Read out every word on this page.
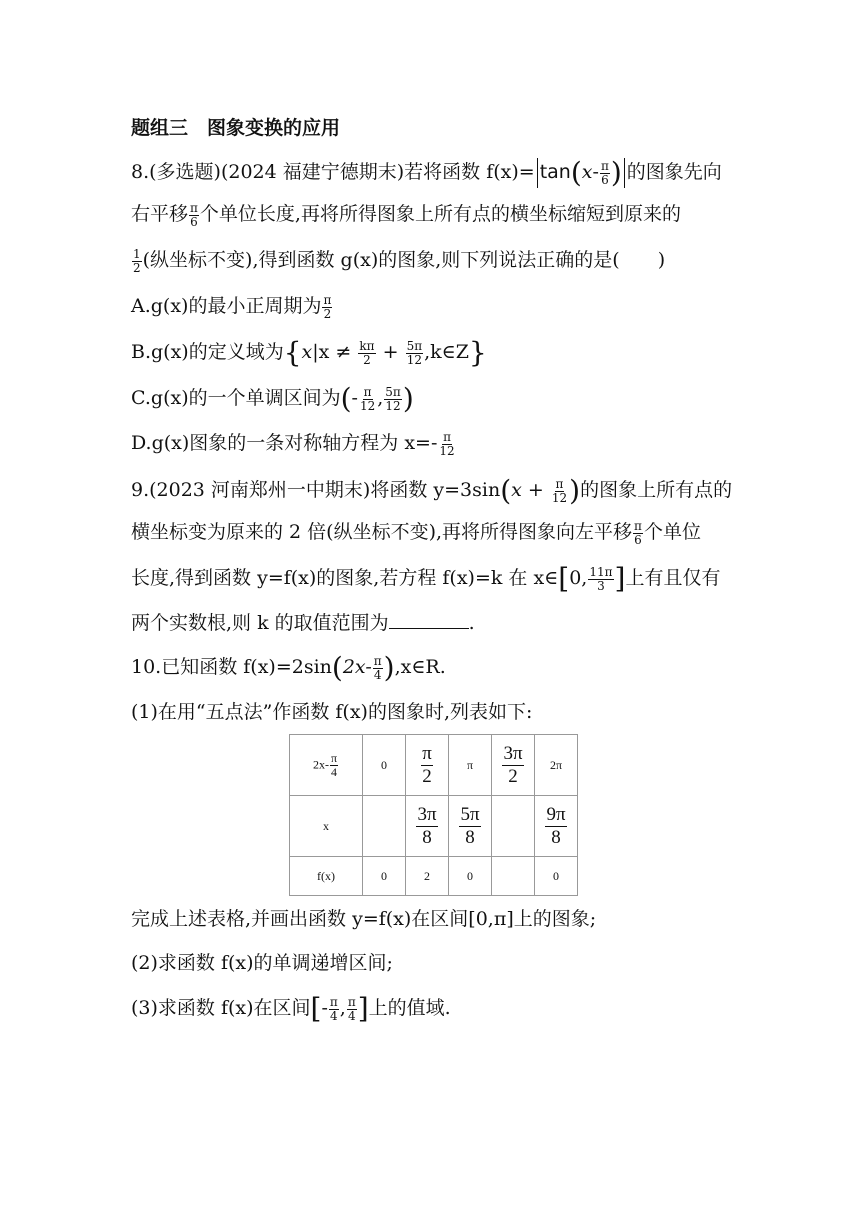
题组三　图象变换的应用
8.(多选题)(2024 福建宁德期末)若将函数 $f(x)= \tan(x- \frac{\pi}{6}$ ) 的图象先向
右平移 $\frac{\pi}{6}$ 个单位长度,再将所得图象上所有点的横坐标缩短到原来的
$\frac{1}{2}$ (纵坐标不变),得到函数 g(x)的图象,则下列说法正确的是(　　)
A.g(x)的最小正周期为 $\frac{\pi}{2}$
B.g(x)的定义域为{$x|x \ne \frac{k\pi}{2} + \frac{5\pi}{12}$ ,k∈Z}
C.g(x)的一个单调区间为(- $\frac{\pi}{12}$ , $\frac{5\pi}{12}$ )
D.g(x)图象的一条对称轴方程为 $x=- \frac{\pi}{12}$
9.(2023 河南郑州一中期末)将函数 $y=3\sin(x + \frac{\pi}{12}$ )的图象上所有点的
横坐标变为原来的 2 倍(纵坐标不变),再将所得图象向左平移 $\frac{\pi}{6}$ 个单位
长度,得到函数 y=f(x)的图象,若方程 f(x)=k 在 x∈[0, $\frac{11\pi}{3}$ ]上有且仅有
两个实数根,则 k 的取值范围为	.
10.已知函数 $f(x)=2\sin(2x- \frac{\pi}{4}$ ),x∈R.
(1)在用“五点法”作函数 f(x)的图象时,列表如下:
$2x- \frac{\pi}{4}$	0	$\frac{\pi}{2}$	π	$\frac{3\pi}{2}$	2π
x		$\frac{3\pi}{8}$	$\frac{5\pi}{8}$		$\frac{9\pi}{8}$

f(x)	0	2	0		0
完成上述表格,并画出函数 y=f(x)在区间[0,π]上的图象;
(2)求函数 f(x)的单调递增区间;
(3)求函数 f(x)在区间[- $\frac{\pi}{4}$ , $\frac{\pi}{4}$ ]上的值域.
